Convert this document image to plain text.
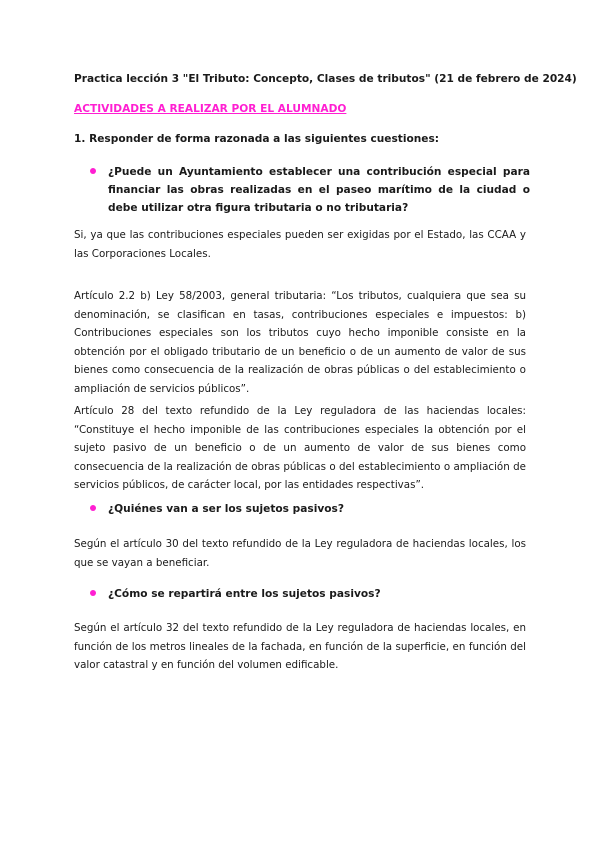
Practica lección 3 "El Tributo: Concepto, Clases de tributos" (21 de febrero de 2024)
ACTIVIDADES A REALIZAR POR EL ALUMNADO
1. Responder de forma razonada a las siguientes cuestiones:
¿Puede un Ayuntamiento establecer una contribución especial para financiar las obras realizadas en el paseo marítimo de la ciudad o debe utilizar otra figura tributaria o no tributaria?
Si, ya que las contribuciones especiales pueden ser exigidas por el Estado, las CCAA y las Corporaciones Locales.
Artículo 2.2 b) Ley 58/2003, general tributaria: “Los tributos, cualquiera que sea su denominación, se clasifican en tasas, contribuciones especiales e impuestos: b) Contribuciones especiales son los tributos cuyo hecho imponible consiste en la obtención por el obligado tributario de un beneficio o de un aumento de valor de sus bienes como consecuencia de la realización de obras públicas o del establecimiento o ampliación de servicios públicos”.
Artículo 28 del texto refundido de la Ley reguladora de las haciendas locales: “Constituye el hecho imponible de las contribuciones especiales la obtención por el sujeto pasivo de un beneficio o de un aumento de valor de sus bienes como consecuencia de la realización de obras públicas o del establecimiento o ampliación de servicios públicos, de carácter local, por las entidades respectivas”.
¿Quiénes van a ser los sujetos pasivos?
Según el artículo 30 del texto refundido de la Ley reguladora de haciendas locales, los que se vayan a beneficiar.
¿Cómo se repartirá entre los sujetos pasivos?
Según el artículo 32 del texto refundido de la Ley reguladora de haciendas locales, en función de los metros lineales de la fachada, en función de la superficie, en función del valor catastral y en función del volumen edificable.
